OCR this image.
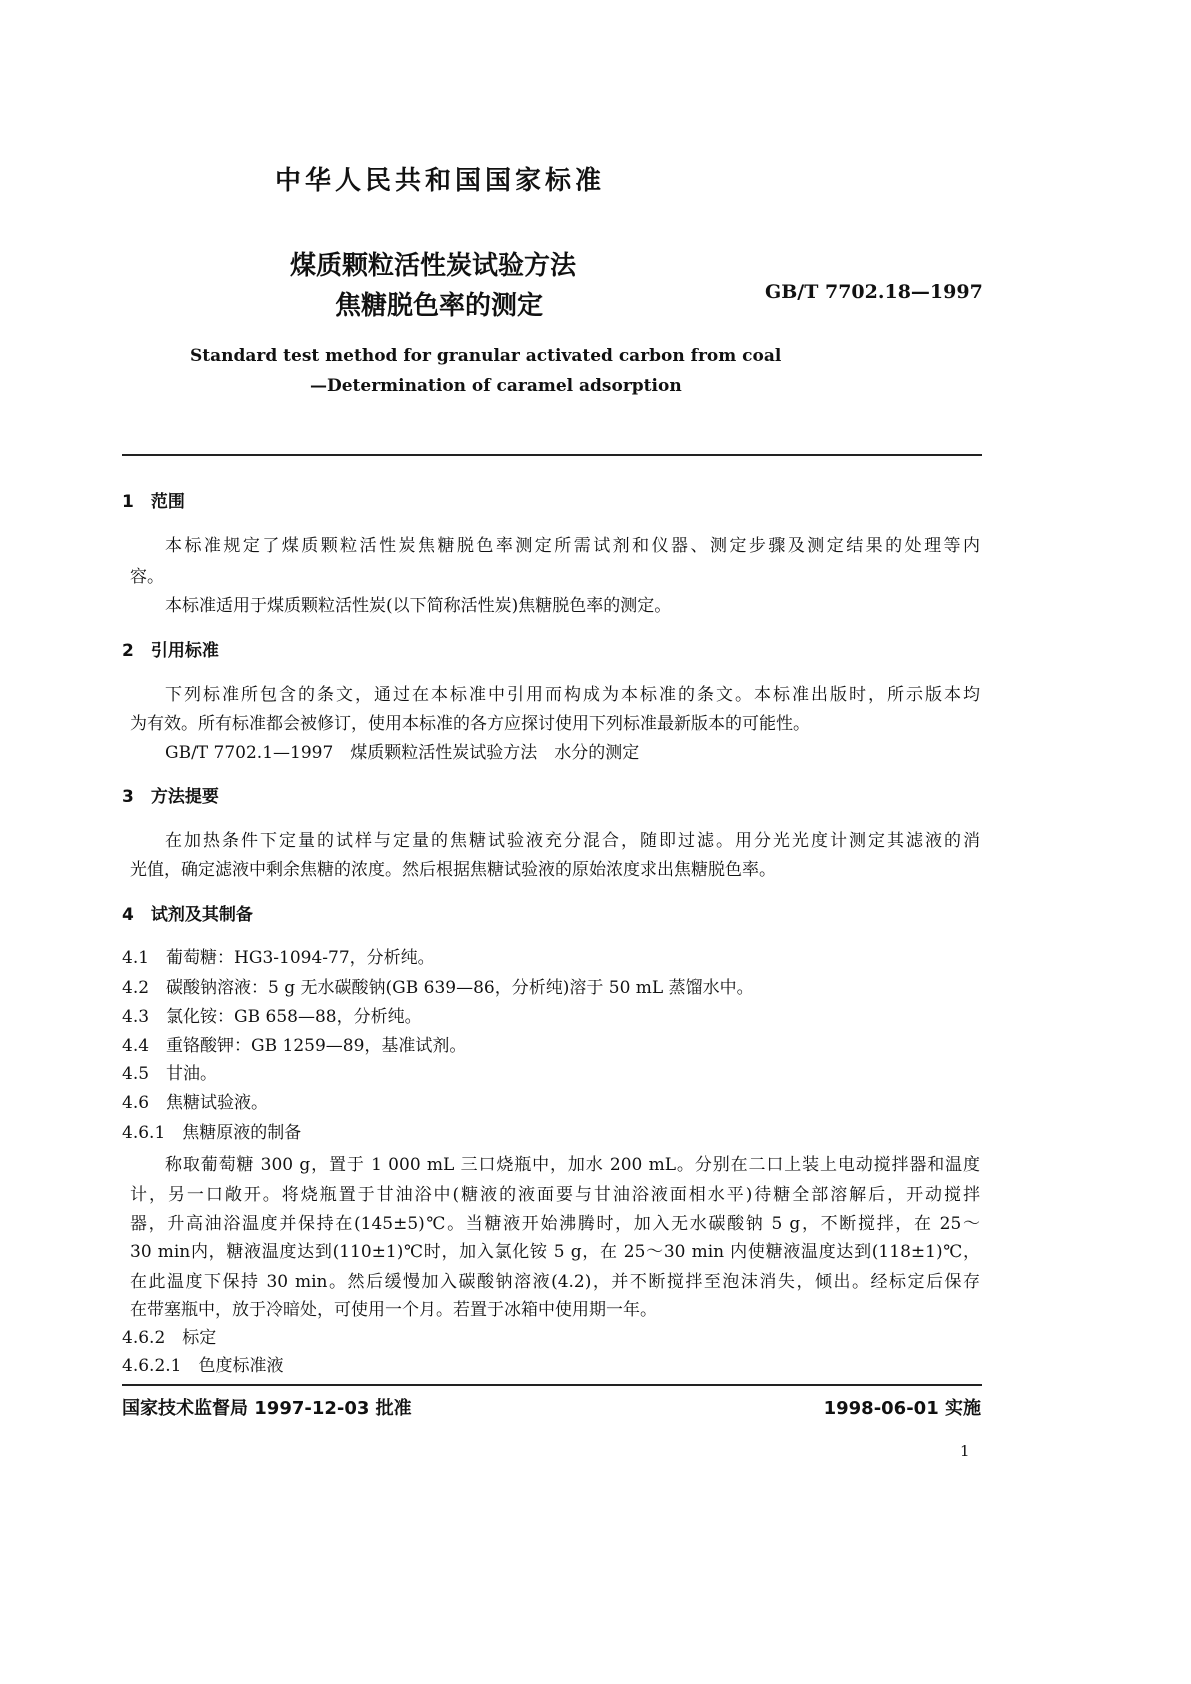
中华人民共和国国家标准
煤质颗粒活性炭试验方法
焦糖脱色率的测定	GB/T 7702.18—1997
Standard test method for granular activated carbon from coal
—Determination of caramel adsorption
1　范围
本标准规定了煤质颗粒活性炭焦糖脱色率测定所需试剂和仪器、测定步骤及测定结果的处理等内
容。
本标准适用于煤质颗粒活性炭(以下简称活性炭)焦糖脱色率的测定。
2　引用标准
下列标准所包含的条文，通过在本标准中引用而构成为本标准的条文。本标准出版时，所示版本均
为有效。所有标准都会被修订，使用本标准的各方应探讨使用下列标准最新版本的可能性。
GB/T 7702.1—1997　煤质颗粒活性炭试验方法　水分的测定
3　方法提要
在加热条件下定量的试样与定量的焦糖试验液充分混合，随即过滤。用分光光度计测定其滤液的消
光值，确定滤液中剩余焦糖的浓度。然后根据焦糖试验液的原始浓度求出焦糖脱色率。
4　试剂及其制备
4.1　葡萄糖：HG3-1094-77，分析纯。
4.2　碳酸钠溶液：5 g 无水碳酸钠(GB 639—86，分析纯)溶于 50 mL 蒸馏水中。
4.3　氯化铵：GB 658—88，分析纯。
4.4　重铬酸钾：GB 1259—89，基准试剂。
4.5　甘油。
4.6　焦糖试验液。
4.6.1　焦糖原液的制备
称取葡萄糖 300 g，置于 1 000 mL 三口烧瓶中，加水 200 mL。分别在二口上装上电动搅拌器和温度
计，另一口敞开。将烧瓶置于甘油浴中(糖液的液面要与甘油浴液面相水平)待糖全部溶解后，开动搅拌
器，升高油浴温度并保持在(145±5)℃。当糖液开始沸腾时，加入无水碳酸钠 5 g，不断搅拌，在 25～
30 min内，糖液温度达到(110±1)℃时，加入氯化铵 5 g，在 25～30 min 内使糖液温度达到(118±1)℃，
在此温度下保持 30 min。然后缓慢加入碳酸钠溶液(4.2)，并不断搅拌至泡沫消失，倾出。经标定后保存
在带塞瓶中，放于冷暗处，可使用一个月。若置于冰箱中使用期一年。
4.6.2　标定
4.6.2.1　色度标准液
国家技术监督局 1997-12-03 批准	1998-06-01 实施
1
